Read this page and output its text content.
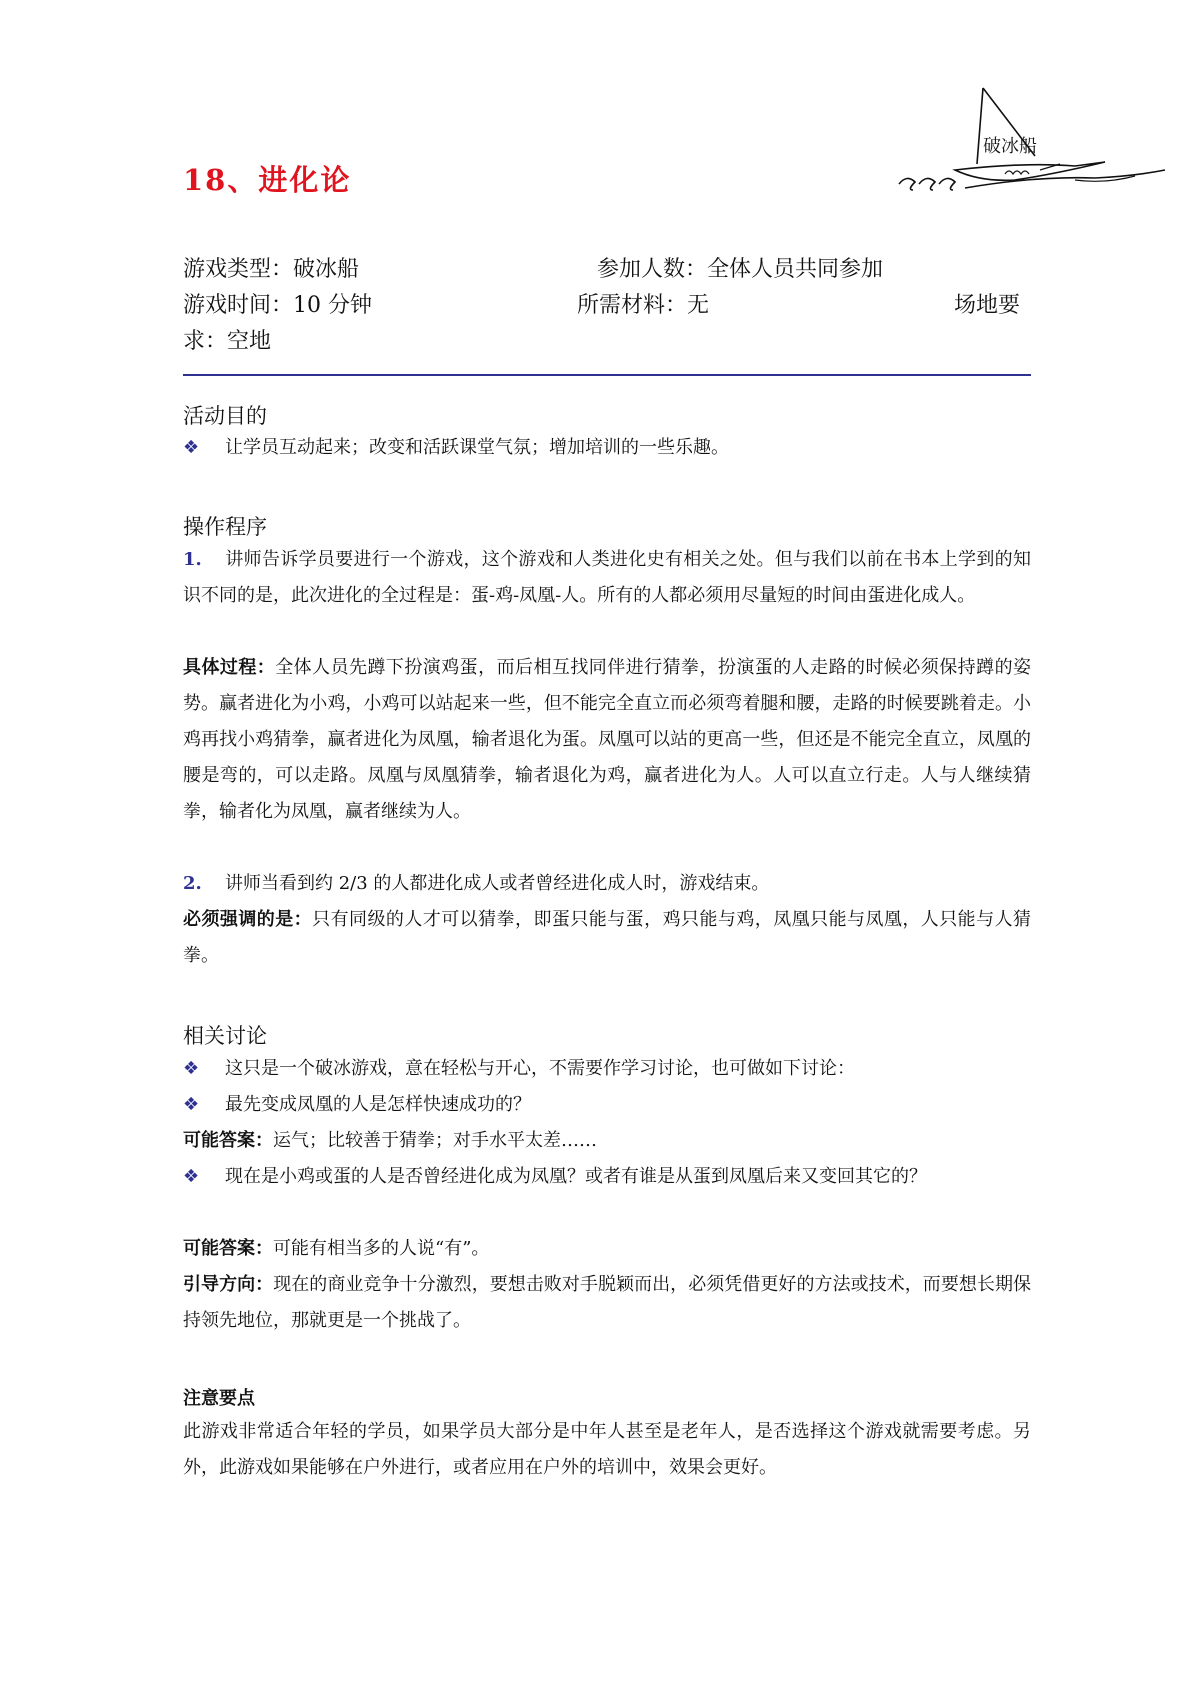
破冰船
18、进化论
游戏类型：破冰船	参加人数：全体人员共同参加
游戏时间：10 分钟	所需材料：无	场地要
求：空地
活动目的
❖ 让学员互动起来；改变和活跃课堂气氛；增加培训的一些乐趣。
操作程序
1. 讲师告诉学员要进行一个游戏，这个游戏和人类进化史有相关之处。但与我们以前在书本上学到的知识不同的是，此次进化的全过程是：蛋-鸡-凤凰-人。所有的人都必须用尽量短的时间由蛋进化成人。
具体过程：全体人员先蹲下扮演鸡蛋，而后相互找同伴进行猜拳，扮演蛋的人走路的时候必须保持蹲的姿势。赢者进化为小鸡，小鸡可以站起来一些，但不能完全直立而必须弯着腿和腰，走路的时候要跳着走。小鸡再找小鸡猜拳，赢者进化为凤凰，输者退化为蛋。凤凰可以站的更高一些，但还是不能完全直立，凤凰的腰是弯的，可以走路。凤凰与凤凰猜拳，输者退化为鸡，赢者进化为人。人可以直立行走。人与人继续猜拳，输者化为凤凰，赢者继续为人。
2. 讲师当看到约 2/3 的人都进化成人或者曾经进化成人时，游戏结束。
必须强调的是：只有同级的人才可以猜拳，即蛋只能与蛋，鸡只能与鸡，凤凰只能与凤凰，人只能与人猜拳。
相关讨论
❖ 这只是一个破冰游戏，意在轻松与开心，不需要作学习讨论，也可做如下讨论：
❖ 最先变成凤凰的人是怎样快速成功的？
可能答案：运气；比较善于猜拳；对手水平太差……
❖ 现在是小鸡或蛋的人是否曾经进化成为凤凰？或者有谁是从蛋到凤凰后来又变回其它的？
可能答案：可能有相当多的人说“有”。
引导方向：现在的商业竞争十分激烈，要想击败对手脱颖而出，必须凭借更好的方法或技术，而要想长期保持领先地位，那就更是一个挑战了。
注意要点
此游戏非常适合年轻的学员，如果学员大部分是中年人甚至是老年人，是否选择这个游戏就需要考虑。另外，此游戏如果能够在户外进行，或者应用在户外的培训中，效果会更好。
